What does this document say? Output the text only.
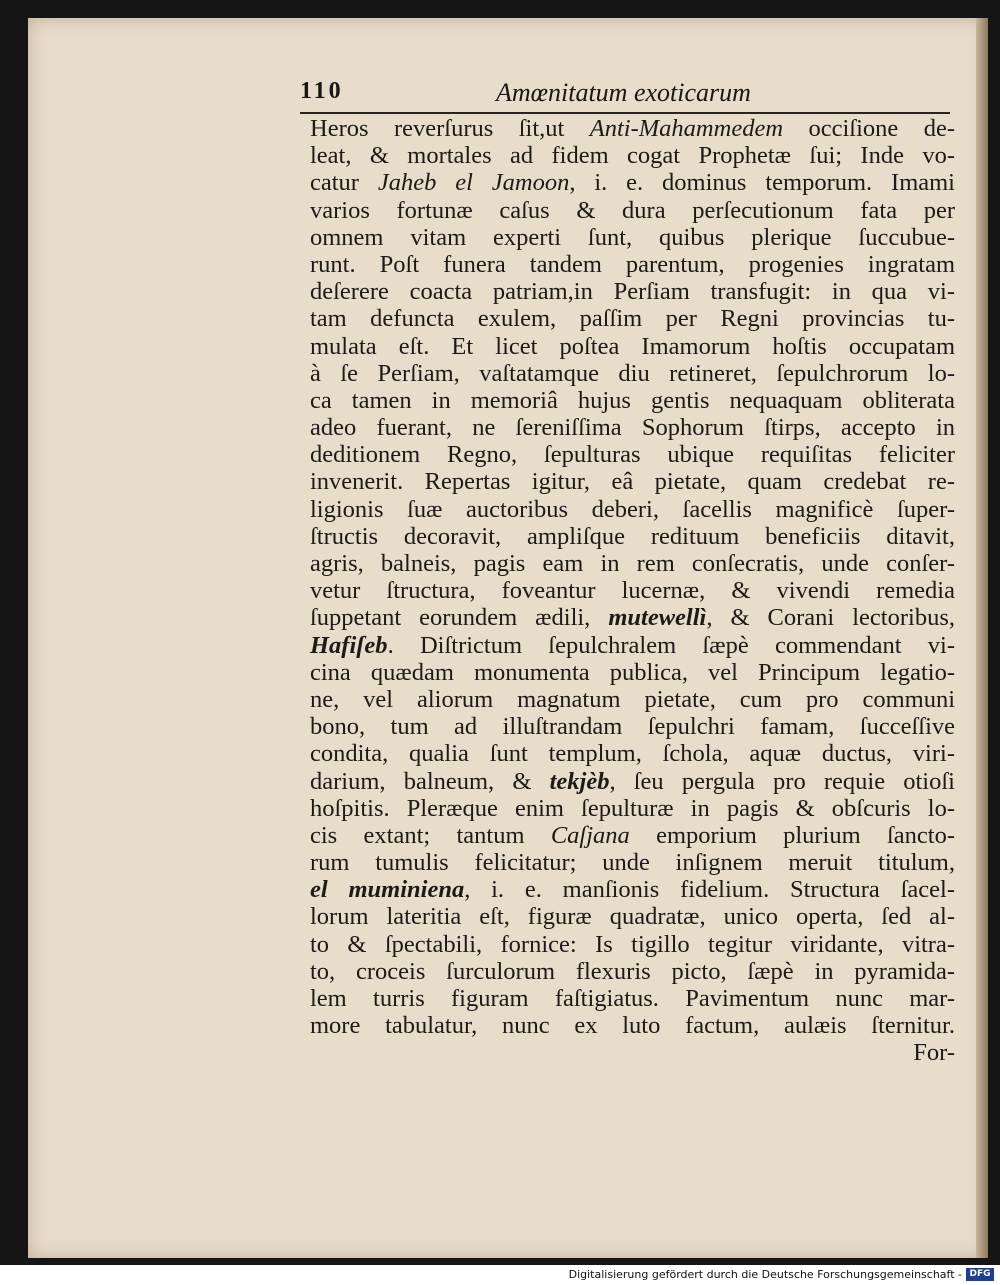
110	Amœnitatum exoticarum
Heros reverſurus ſit,ut Anti-Mahammedem occiſione de-
leat, & mortales ad fidem cogat Prophetæ ſui; Inde vo-
catur Jaheb el Jamoon, i. e. dominus temporum. Imami
varios fortunæ caſus & dura perſecutionum fata per
omnem vitam experti ſunt, quibus plerique ſuccubue-
runt. Poſt funera tandem parentum, progenies ingratam
deſerere coacta patriam,in Perſiam transfugit: in qua vi-
tam defuncta exulem, paſſim per Regni provincias tu-
mulata eſt. Et licet poſtea Imamorum hoſtis occupatam
à ſe Perſiam, vaſtatamque diu retineret, ſepulchrorum lo-
ca tamen in memoriâ hujus gentis nequaquam obliterata
adeo fuerant, ne ſereniſſima Sophorum ſtirps, accepto in
deditionem Regno, ſepulturas ubique requiſitas feliciter
invenerit. Repertas igitur, eâ pietate, quam credebat re-
ligionis ſuæ auctoribus deberi, ſacellis magnificè ſuper-
ſtructis decoravit, ampliſque redituum beneficiis ditavit,
agris, balneis, pagis eam in rem conſecratis, unde conſer-
vetur ſtructura, foveantur lucernæ, & vivendi remedia
ſuppetant eorundem ædili, mutewellì, & Corani lectoribus,
Hafiſeb. Diſtrictum ſepulchralem ſæpè commendant vi-
cina quædam monumenta publica, vel Principum legatio-
ne, vel aliorum magnatum pietate, cum pro communi
bono, tum ad illuſtrandam ſepulchri famam, ſucceſſive
condita, qualia ſunt templum, ſchola, aquæ ductus, viri-
darium, balneum, & tekjèb, ſeu pergula pro requie otioſi
hoſpitis. Pleræque enim ſepulturæ in pagis & obſcuris lo-
cis extant; tantum Caſjana emporium plurium ſancto-
rum tumulis felicitatur; unde inſignem meruit titulum,
el muminiena, i. e. manſionis fidelium. Structura ſacel-
lorum lateritia eſt, figuræ quadratæ, unico operta, ſed al-
to & ſpectabili, fornice: Is tigillo tegitur viridante, vitra-
to, croceis ſurculorum flexuris picto, ſæpè in pyramida-
lem turris figuram faſtigiatus. Pavimentum nunc mar-
more tabulatur, nunc ex luto factum, aulæis ſternitur.
For-
Digitalisierung gefördert durch die Deutsche Forschungsgemeinschaft - DFG
